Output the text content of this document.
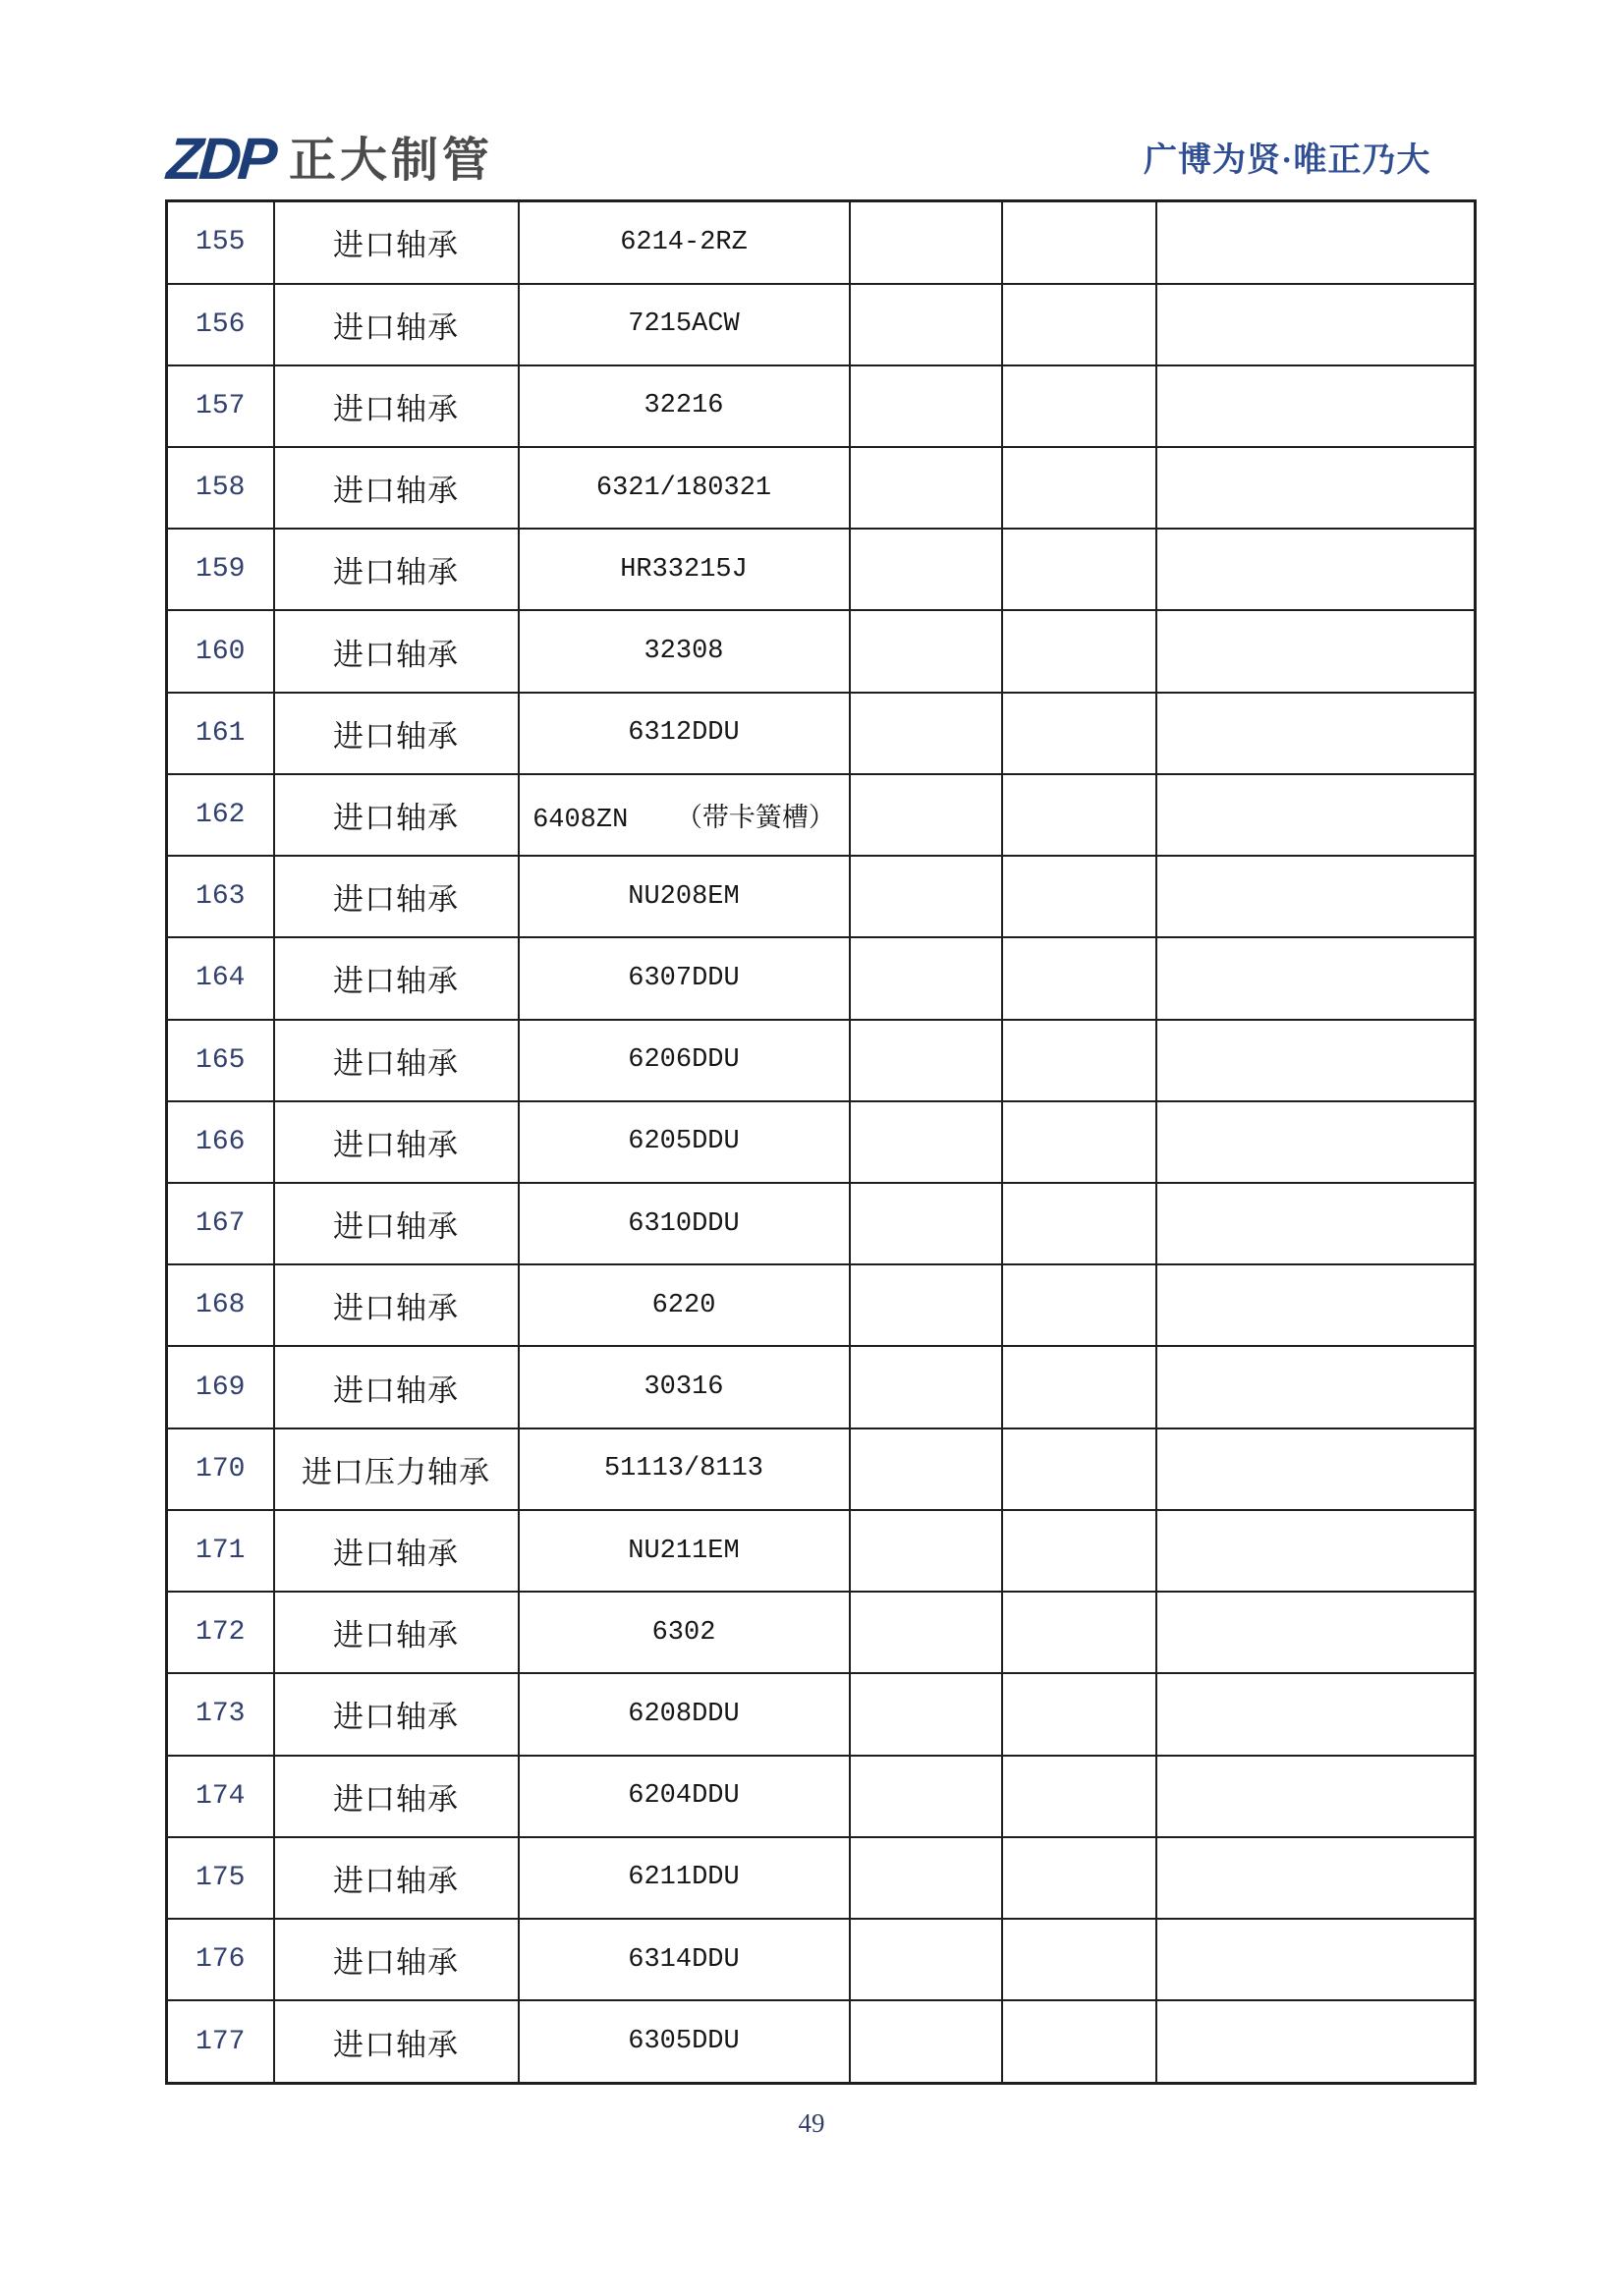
ZDP 正大制管	广博为贤·唯正乃大
155	进口轴承	6214-2RZ			
156	进口轴承	7215ACW			
157	进口轴承	32216			
158	进口轴承	6321/180321			
159	进口轴承	HR33215J			
160	进口轴承	32308			
161	进口轴承	6312DDU			
162	进口轴承	6408ZN   （带卡簧槽）			
163	进口轴承	NU208EM			
164	进口轴承	6307DDU			
165	进口轴承	6206DDU			
166	进口轴承	6205DDU			
167	进口轴承	6310DDU			
168	进口轴承	6220			
169	进口轴承	30316			
170	进口压力轴承	51113/8113			
171	进口轴承	NU211EM			
172	进口轴承	6302			
173	进口轴承	6208DDU			
174	进口轴承	6204DDU			
175	进口轴承	6211DDU			
176	进口轴承	6314DDU			
177	进口轴承	6305DDU			
49
